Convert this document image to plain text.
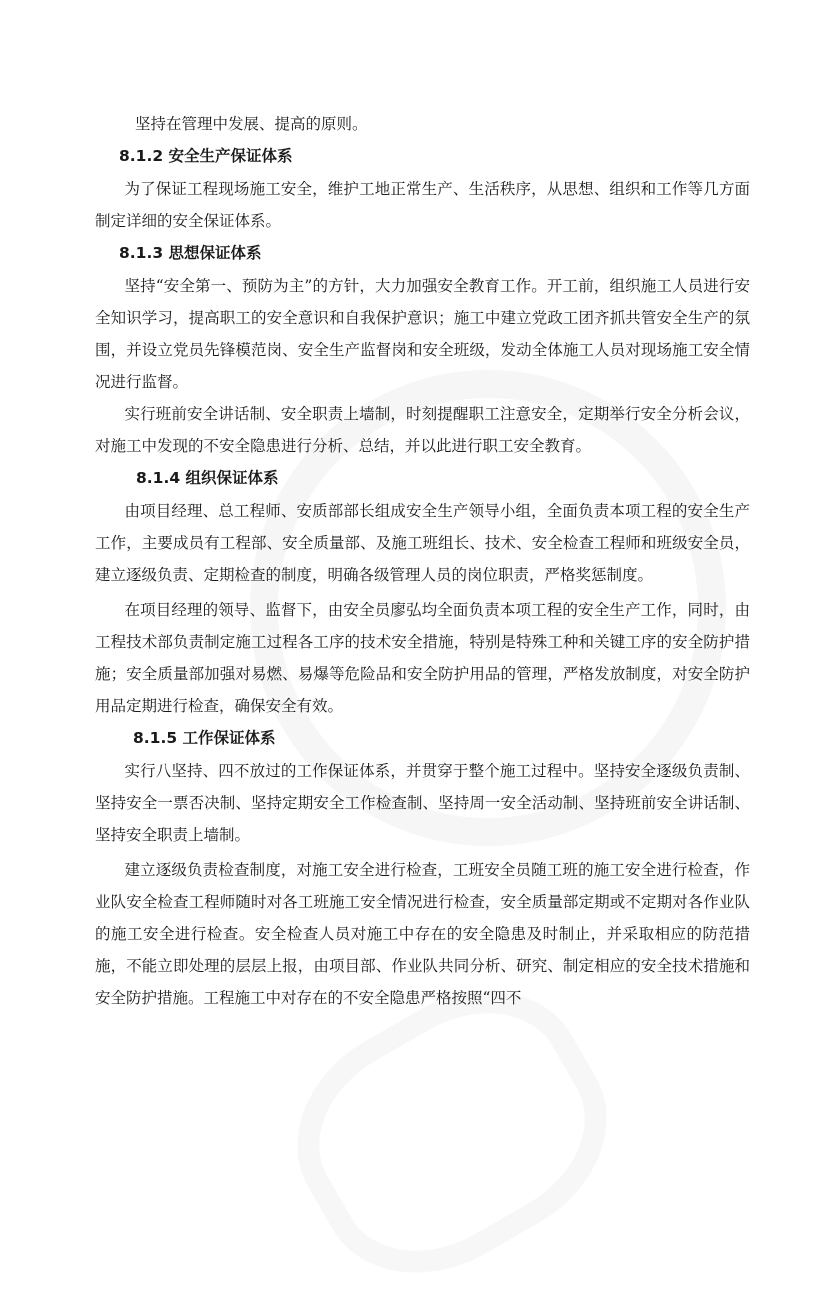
坚持在管理中发展、提高的原则。

8.1.2 安全生产保证体系

为了保证工程现场施工安全，维护工地正常生产、生活秩序，从思想、组织和工作等几方面制定详细的安全保证体系。

8.1.3 思想保证体系

坚持“安全第一、预防为主”的方针，大力加强安全教育工作。开工前，组织施工人员进行安全知识学习，提高职工的安全意识和自我保护意识；施工中建立党政工团齐抓共管安全生产的氛围，并设立党员先锋模范岗、安全生产监督岗和安全班级，发动全体施工人员对现场施工安全情况进行监督。

实行班前安全讲话制、安全职责上墙制，时刻提醒职工注意安全，定期举行安全分析会议，对施工中发现的不安全隐患进行分析、总结，并以此进行职工安全教育。

8.1.4 组织保证体系

由项目经理、总工程师、安质部部长组成安全生产领导小组，全面负责本项工程的安全生产工作，主要成员有工程部、安全质量部、及施工班组长、技术、安全检查工程师和班级安全员，建立逐级负责、定期检查的制度，明确各级管理人员的岗位职责，严格奖惩制度。

在项目经理的领导、监督下，由安全员廖弘均全面负责本项工程的安全生产工作，同时，由工程技术部负责制定施工过程各工序的技术安全措施，特别是特殊工种和关键工序的安全防护措施；安全质量部加强对易燃、易爆等危险品和安全防护用品的管理，严格发放制度，对安全防护用品定期进行检查，确保安全有效。

8.1.5 工作保证体系

实行八坚持、四不放过的工作保证体系，并贯穿于整个施工过程中。坚持安全逐级负责制、坚持安全一票否决制、坚持定期安全工作检查制、坚持周一安全活动制、坚持班前安全讲话制、坚持安全职责上墙制。

建立逐级负责检查制度，对施工安全进行检查，工班安全员随工班的施工安全进行检查，作业队安全检查工程师随时对各工班施工安全情况进行检查，安全质量部定期或不定期对各作业队的施工安全进行检查。安全检查人员对施工中存在的安全隐患及时制止，并采取相应的防范措施，不能立即处理的层层上报，由项目部、作业队共同分析、研究、制定相应的安全技术措施和安全防护措施。工程施工中对存在的不安全隐患严格按照“四不
